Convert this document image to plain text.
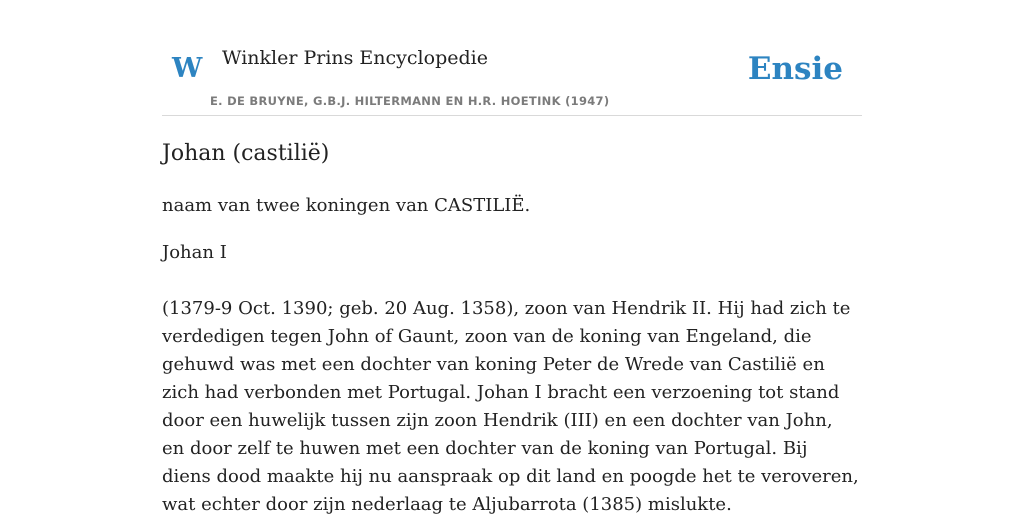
W Winkler Prins Encyclopedie
E. DE BRUYNE, G.B.J. HILTERMANN EN H.R. HOETINK (1947)
Ensie
Johan (castilië)

naam van twee koningen van CASTILIË.

Johan I

(1379-9 Oct. 1390; geb. 20 Aug. 1358), zoon van Hendrik II. Hij had zich te verdedigen tegen John of Gaunt, zoon van de koning van Engeland, die gehuwd was met een dochter van koning Peter de Wrede van Castilië en zich had verbonden met Portugal. Johan I bracht een verzoening tot stand door een huwelijk tussen zijn zoon Hendrik (III) en een dochter van John, en door zelf te huwen met een dochter van de koning van Portugal. Bij diens dood maakte hij nu aanspraak op dit land en poogde het te veroveren, wat echter door zijn nederlaag te Aljubarrota (1385) mislukte.
